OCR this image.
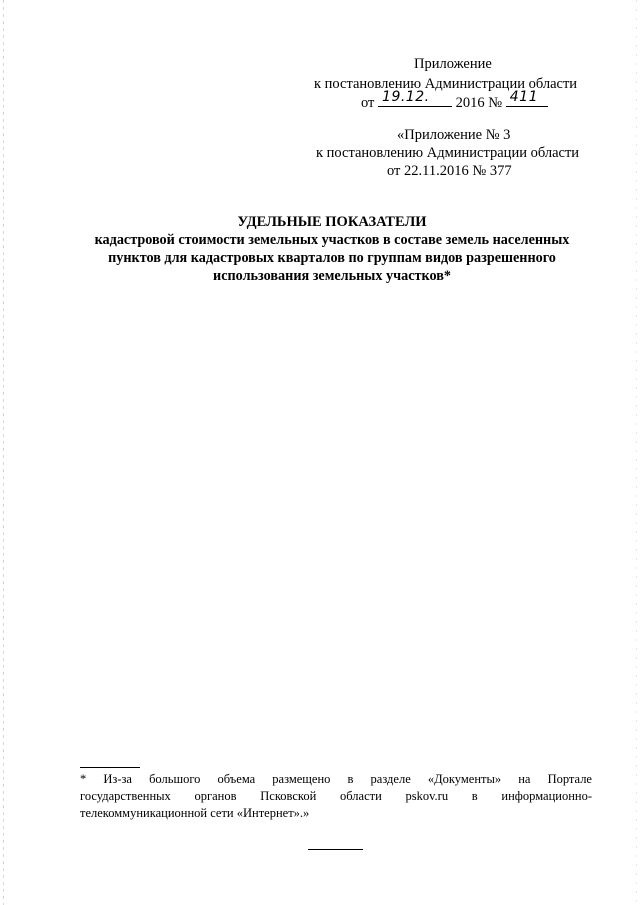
Приложение
к постановлению Администрации области
от 19.12. 2016 № 411
«Приложение № 3
к постановлению Администрации области
от 22.11.2016 № 377
УДЕЛЬНЫЕ ПОКАЗАТЕЛИ
кадастровой стоимости земельных участков в составе земель населенных
пунктов для кадастровых кварталов по группам видов разрешенного
использования земельных участков*
* Из-за большого объема размещено в разделе «Документы» на Портале
государственных органов Псковской области pskov.ru в информационно-
телекоммуникационной сети «Интернет».»
